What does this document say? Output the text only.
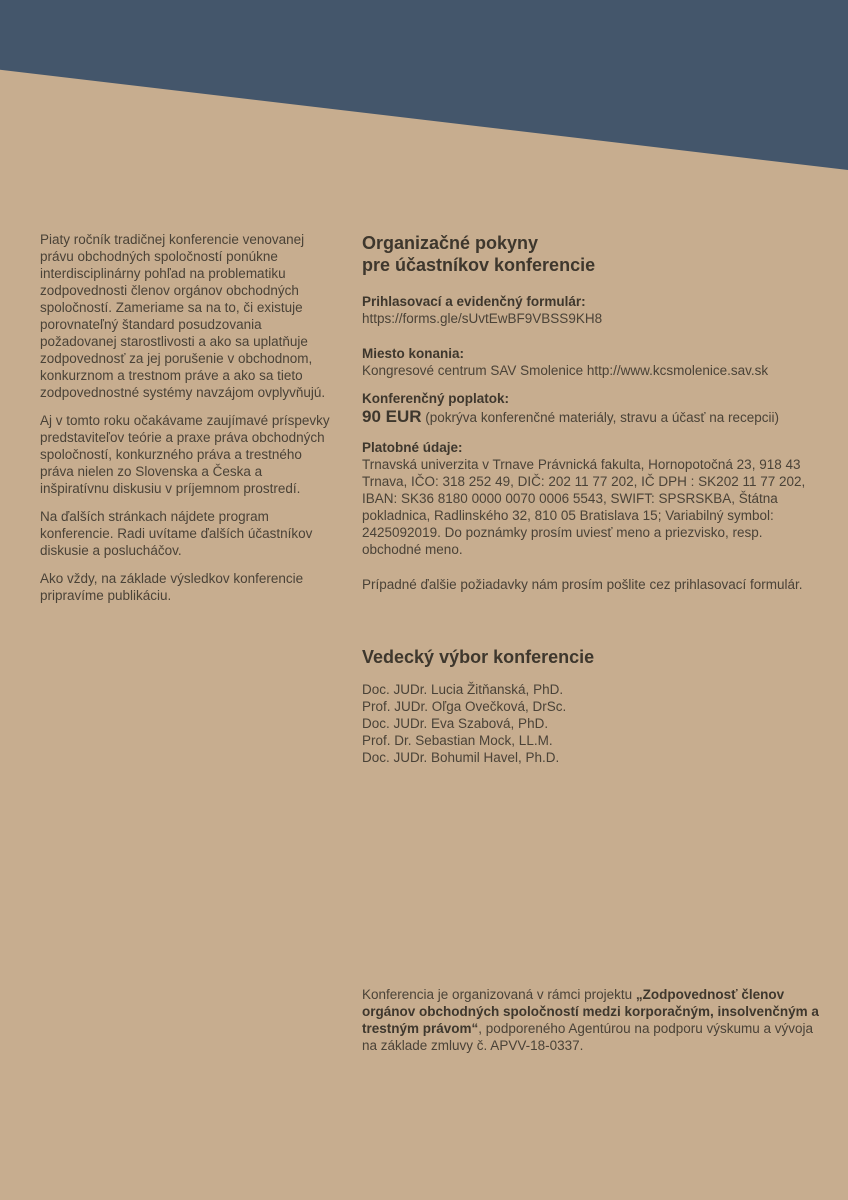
Piaty ročník tradičnej konferencie venovanej právu obchodných spoločností ponúkne interdisciplinárny pohľad na problematiku zodpovednosti členov orgánov obchodných spoločností. Zameriame sa na to, či existuje porovnateľný štandard posudzovania požadovanej starostlivosti a ako sa uplatňuje zodpovednosť za jej porušenie v obchodnom, konkurznom a trestnom práve a ako sa tieto zodpovednostné systémy navzájom ovplyvňujú.

Aj v tomto roku očakávame zaujímavé príspevky predstaviteľov teórie a praxe práva obchodných spoločností, konkurzného práva a trestného práva nielen zo Slovenska a Česka a inšpiratívnu diskusiu v príjemnom prostredí.

Na ďalších stránkach nájdete program konferencie. Radi uvítame ďalších účastníkov diskusie a poslucháčov.

Ako vždy, na základe výsledkov konferencie pripravíme publikáciu.

Organizačné pokyny
pre účastníkov konferencie

Prihlasovací a evidenčný formulár:

https://forms.gle/sUvtEwBF9VBSS9KH8

Miesto konania:

Kongresové centrum SAV Smolenice http://www.kcsmolenice.sav.sk

Konferenčný poplatok:

90 EUR (pokrýva konferenčné materiály, stravu a účasť na recepcii)

Platobné údaje:

Trnavská univerzita v Trnave Právnická fakulta, Hornopotočná 23, 918 43 Trnava, IČO: 318 252 49, DIČ: 202 11 77 202, IČ DPH : SK202 11 77 202, IBAN: SK36 8180 0000 0070 0006 5543, SWIFT: SPSRSKBA, Štátna pokladnica, Radlinského 32, 810 05 Bratislava 15; Variabilný symbol: 2425092019. Do poznámky prosím uviesť meno a priezvisko, resp. obchodné meno.

Prípadné ďalšie požiadavky nám prosím pošlite cez prihlasovací formulár.

Vedecký výbor konferencie
Doc. JUDr. Lucia Žitňanská, PhD.
Prof. JUDr. Oľga Ovečková, DrSc.
Doc. JUDr. Eva Szabová, PhD.
Prof. Dr. Sebastian Mock, LL.M.
Doc. JUDr. Bohumil Havel, Ph.D.
Konferencia je organizovaná v rámci projektu „Zodpovednosť členov orgánov obchodných spoločností medzi korporačným, insolvenčným a trestným právom“, podporeného Agentúrou na podporu výskumu a vývoja na základe zmluvy č. APVV-18-0337.
